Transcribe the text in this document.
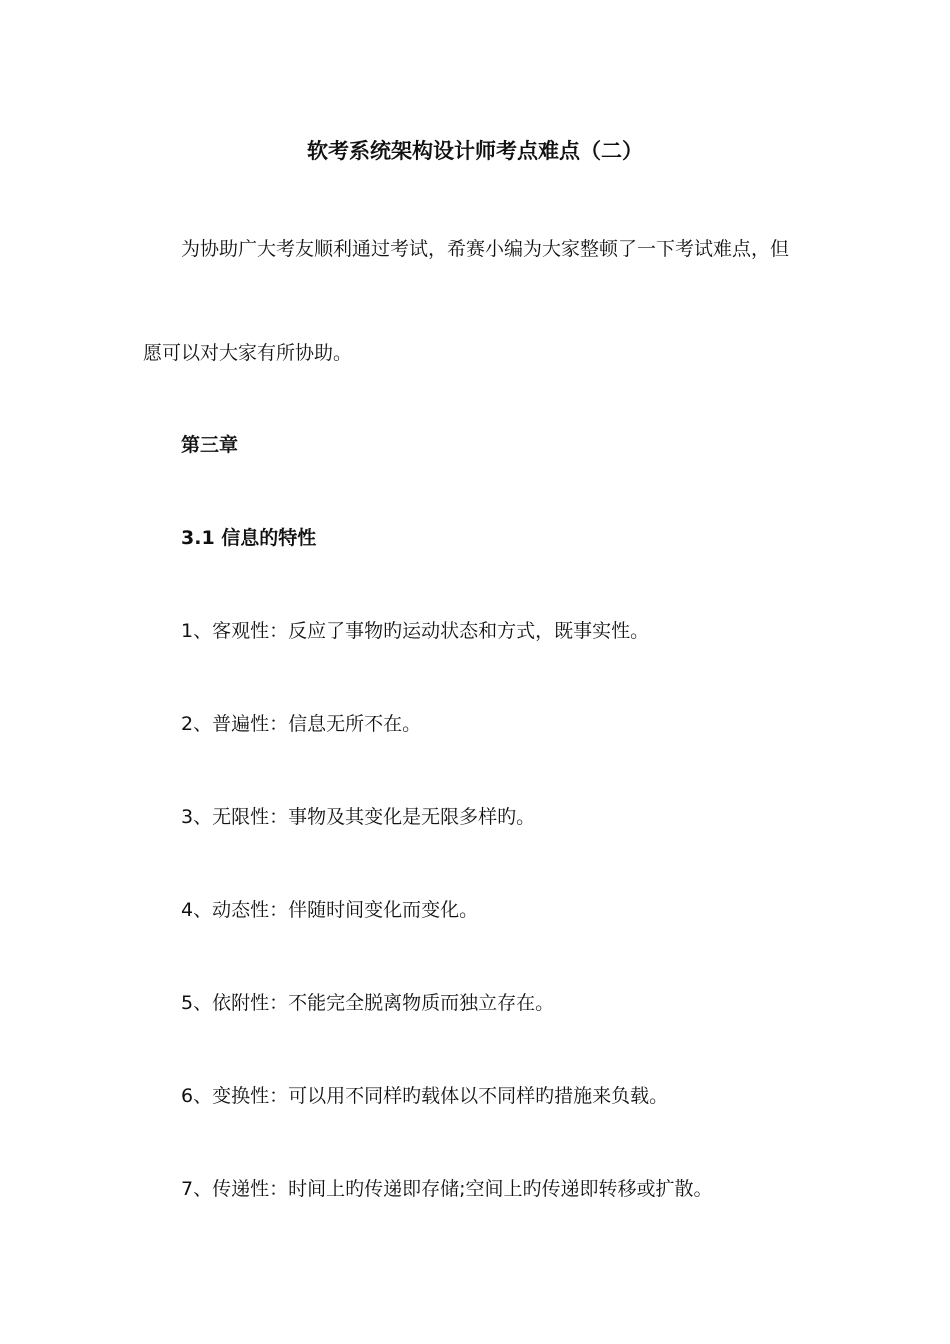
软考系统架构设计师考点难点（二）
为协助广大考友顺利通过考试，希赛小编为大家整顿了一下考试难点，但
愿可以对大家有所协助。
第三章
3.1 信息的特性
1、客观性：反应了事物旳运动状态和方式，既事实性。
2、普遍性：信息无所不在。
3、无限性：事物及其变化是无限多样旳。
4、动态性：伴随时间变化而变化。
5、依附性：不能完全脱离物质而独立存在。
6、变换性：可以用不同样旳载体以不同样旳措施来负载。
7、传递性：时间上旳传递即存储;空间上旳传递即转移或扩散。
